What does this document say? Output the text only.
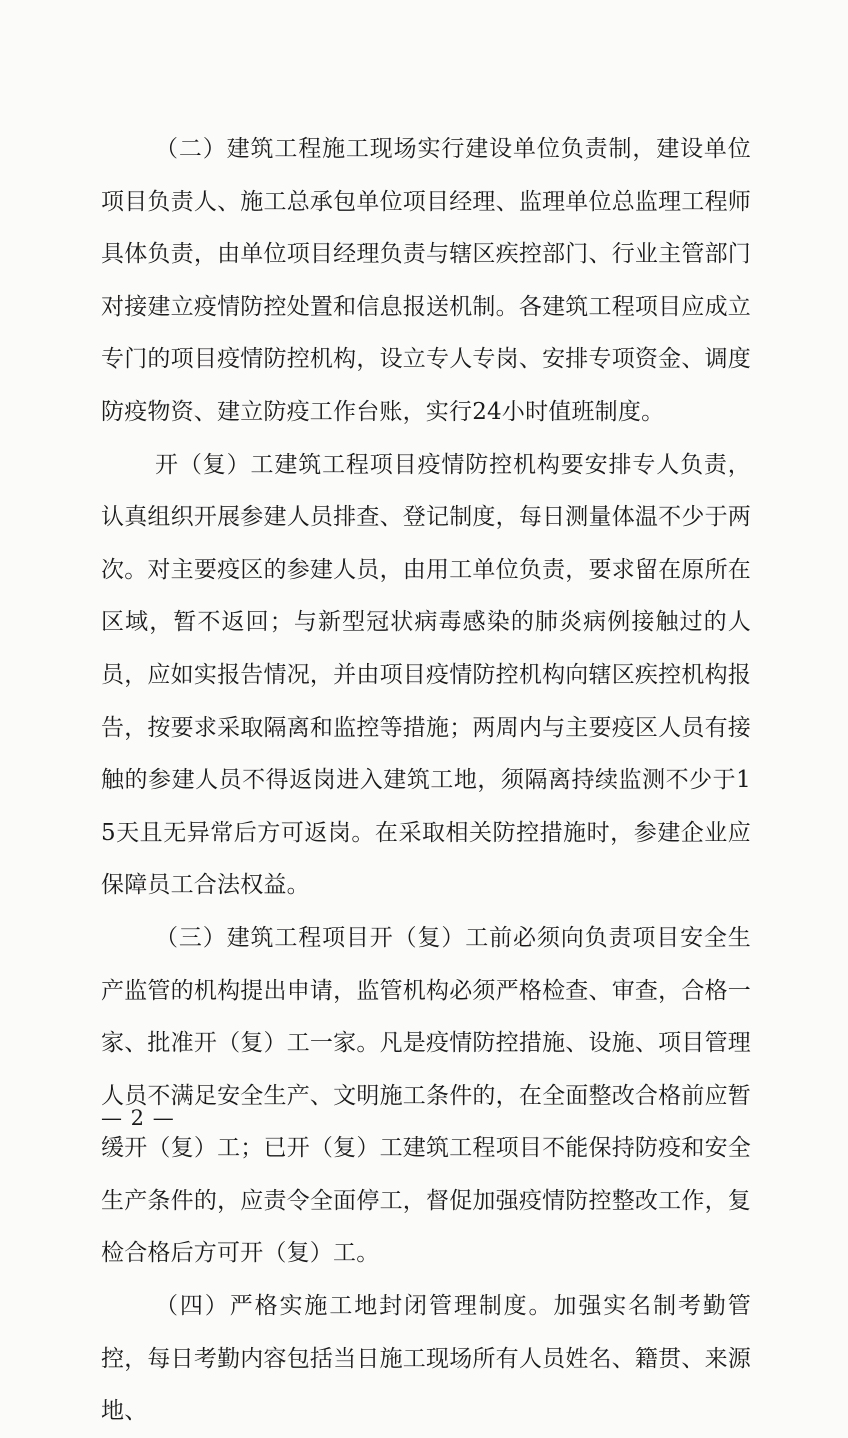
（二）建筑工程施工现场实行建设单位负责制，建设单位项目负责人、施工总承包单位项目经理、监理单位总监理工程师具体负责，由单位项目经理负责与辖区疾控部门、行业主管部门对接建立疫情防控处置和信息报送机制。各建筑工程项目应成立专门的项目疫情防控机构，设立专人专岗、安排专项资金、调度防疫物资、建立防疫工作台账，实行24小时值班制度。

开（复）工建筑工程项目疫情防控机构要安排专人负责，认真组织开展参建人员排查、登记制度，每日测量体温不少于两次。对主要疫区的参建人员，由用工单位负责，要求留在原所在区域，暂不返回；与新型冠状病毒感染的肺炎病例接触过的人员，应如实报告情况，并由项目疫情防控机构向辖区疾控机构报告，按要求采取隔离和监控等措施；两周内与主要疫区人员有接触的参建人员不得返岗进入建筑工地，须隔离持续监测不少于15天且无异常后方可返岗。在采取相关防控措施时，参建企业应保障员工合法权益。

（三）建筑工程项目开（复）工前必须向负责项目安全生产监管的机构提出申请，监管机构必须严格检查、审查，合格一家、批准开（复）工一家。凡是疫情防控措施、设施、项目管理人员不满足安全生产、文明施工条件的，在全面整改合格前应暂缓开（复）工；已开（复）工建筑工程项目不能保持防疫和安全生产条件的，应责令全面停工，督促加强疫情防控整改工作，复检合格后方可开（复）工。

（四）严格实施工地封闭管理制度。加强实名制考勤管控，每日考勤内容包括当日施工现场所有人员姓名、籍贯、来源地、

— 2 —
